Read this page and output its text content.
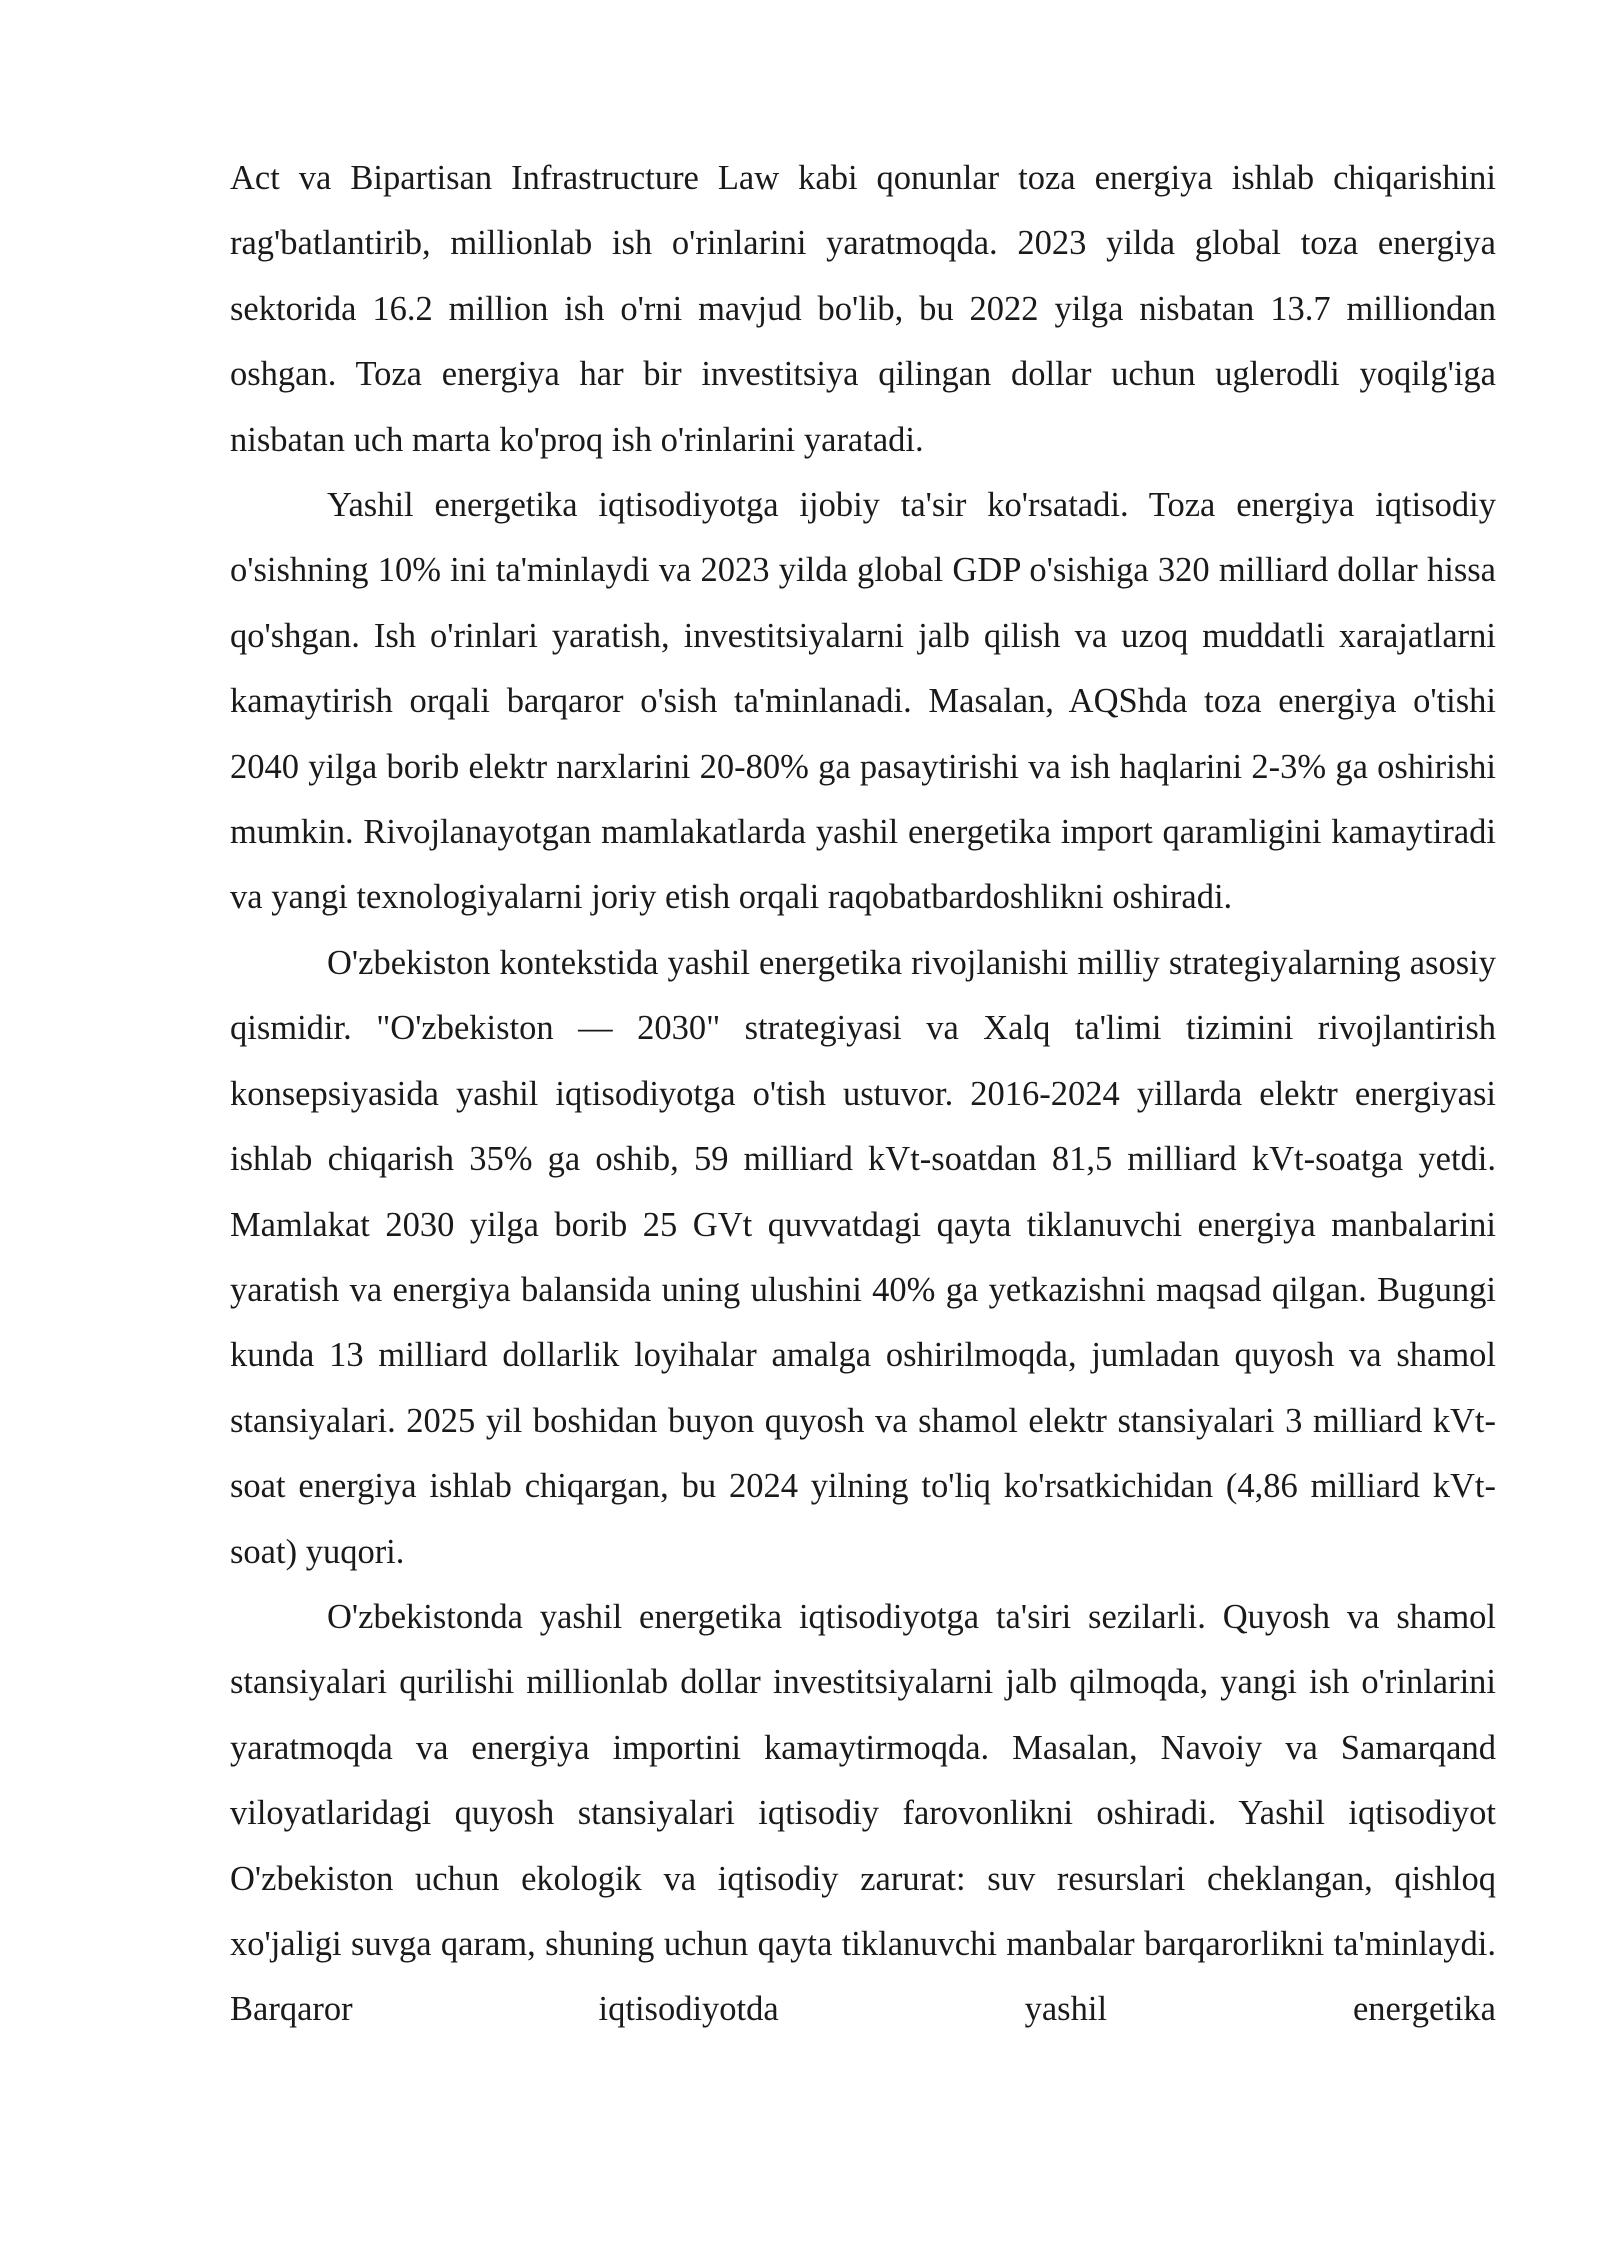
Act va Bipartisan Infrastructure Law kabi qonunlar toza energiya ishlab chiqarishini rag'batlantirib, millionlab ish o'rinlarini yaratmoqda. 2023 yilda global toza energiya sektorida 16.2 million ish o'rni mavjud bo'lib, bu 2022 yilga nisbatan 13.7 milliondan oshgan. Toza energiya har bir investitsiya qilingan dollar uchun uglerodli yoqilg'iga nisbatan uch marta ko'proq ish o'rinlarini yaratadi.

Yashil energetika iqtisodiyotga ijobiy ta'sir ko'rsatadi. Toza energiya iqtisodiy o'sishning 10% ini ta'minlaydi va 2023 yilda global GDP o'sishiga 320 milliard dollar hissa qo'shgan. Ish o'rinlari yaratish, investitsiyalarni jalb qilish va uzoq muddatli xarajatlarni kamaytirish orqali barqaror o'sish ta'minlanadi. Masalan, AQShda toza energiya o'tishi 2040 yilga borib elektr narxlarini 20-80% ga pasaytirishi va ish haqlarini 2-3% ga oshirishi mumkin. Rivojlanayotgan mamlakatlarda yashil energetika import qaramligini kamaytiradi va yangi texnologiyalarni joriy etish orqali raqobatbardoshlikni oshiradi.

O'zbekiston kontekstida yashil energetika rivojlanishi milliy strategiyalarning asosiy qismidir. "O'zbekiston — 2030" strategiyasi va Xalq ta'limi tizimini rivojlantirish konsepsiyasida yashil iqtisodiyotga o'tish ustuvor. 2016-2024 yillarda elektr energiyasi ishlab chiqarish 35% ga oshib, 59 milliard kVt-soatdan 81,5 milliard kVt-soatga yetdi. Mamlakat 2030 yilga borib 25 GVt quvvatdagi qayta tiklanuvchi energiya manbalarini yaratish va energiya balansida uning ulushini 40% ga yetkazishni maqsad qilgan. Bugungi kunda 13 milliard dollarlik loyihalar amalga oshirilmoqda, jumladan quyosh va shamol stansiyalari. 2025 yil boshidan buyon quyosh va shamol elektr stansiyalari 3 milliard kVt-soat energiya ishlab chiqargan, bu 2024 yilning to'liq ko'rsatkichidan (4,86 milliard kVt-soat) yuqori.

O'zbekistonda yashil energetika iqtisodiyotga ta'siri sezilarli. Quyosh va shamol stansiyalari qurilishi millionlab dollar investitsiyalarni jalb qilmoqda, yangi ish o'rinlarini yaratmoqda va energiya importini kamaytirmoqda. Masalan, Navoiy va Samarqand viloyatlaridagi quyosh stansiyalari iqtisodiy farovonlikni oshiradi. Yashil iqtisodiyot O'zbekiston uchun ekologik va iqtisodiy zarurat: suv resurslari cheklangan, qishloq xo'jaligi suvga qaram, shuning uchun qayta tiklanuvchi manbalar barqarorlikni ta'minlaydi. Barqaror iqtisodiyotda yashil energetika
